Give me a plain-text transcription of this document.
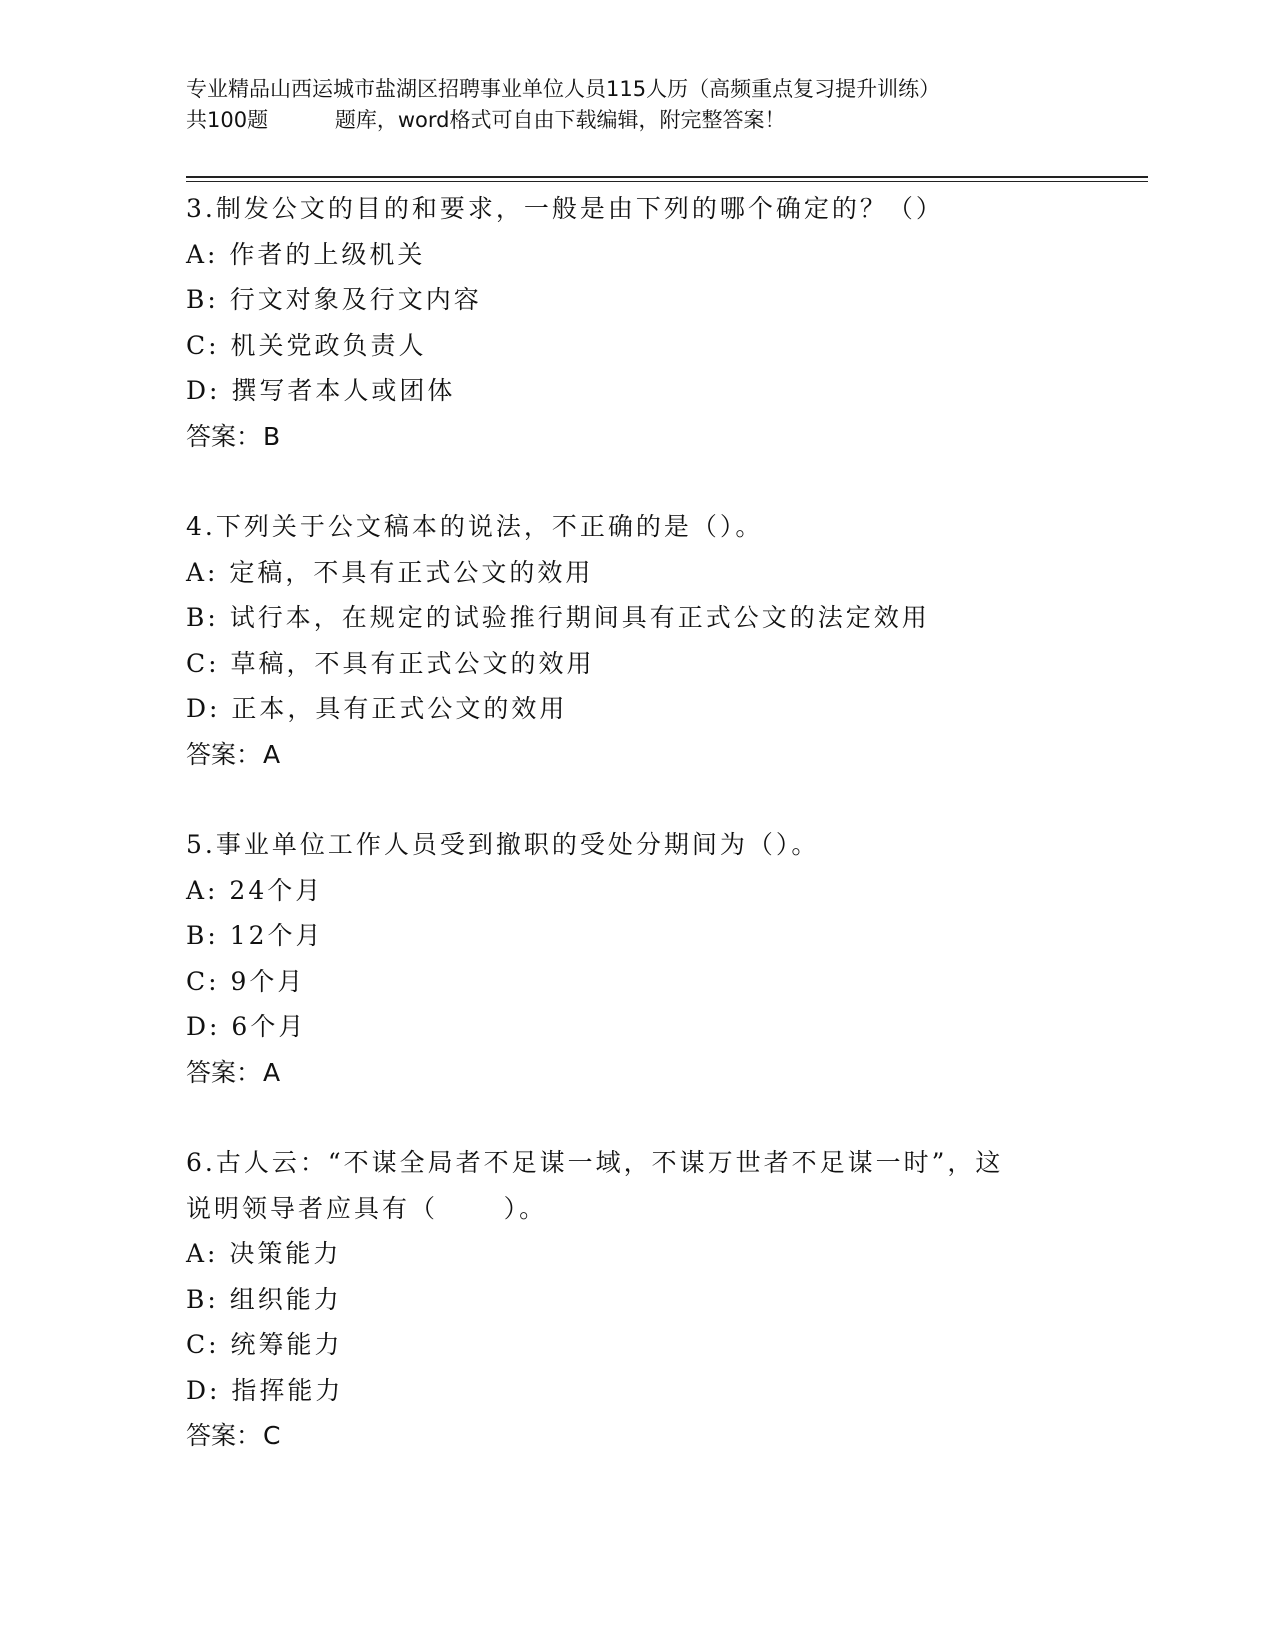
专业精品山西运城市盐湖区招聘事业单位人员115人历（高频重点复习提升训练）
共100题          题库，word格式可自由下载编辑，附完整答案！
3.制发公文的目的和要求，一般是由下列的哪个确定的？（）
A: 作者的上级机关
B: 行文对象及行文内容
C: 机关党政负责人
D: 撰写者本人或团体
答案：B
4.下列关于公文稿本的说法，不正确的是（）。
A: 定稿，不具有正式公文的效用
B: 试行本，在规定的试验推行期间具有正式公文的法定效用
C: 草稿，不具有正式公文的效用
D: 正本，具有正式公文的效用
答案：A
5.事业单位工作人员受到撤职的受处分期间为（）。
A: 24个月
B: 12个月
C: 9个月
D: 6个月
答案：A
6.古人云：“不谋全局者不足谋一域，不谋万世者不足谋一时”，这
说明领导者应具有（      ）。
A: 决策能力
B: 组织能力
C: 统筹能力
D: 指挥能力
答案：C
